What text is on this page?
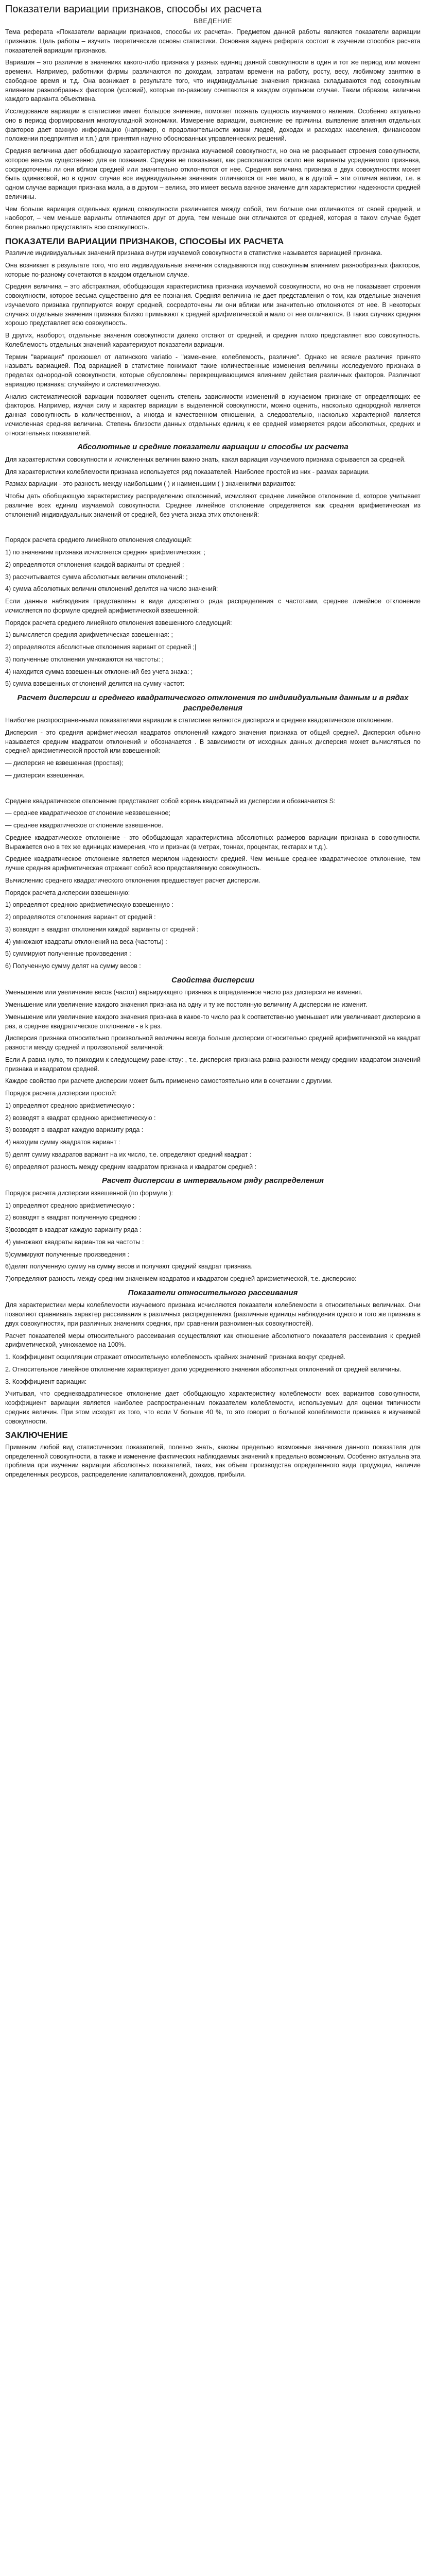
Показатели вариации признаков, способы их расчета
ВВЕДЕНИЕ

Тема реферата «Показатели вариации признаков, способы их расчета». Предметом данной работы являются показатели вариации признаков. Цель работы – изучить теоретические основы статистики. Основная задача реферата состоит в изучении способов расчета показателей вариации признаков.

Вариация – это различие в значениях какого-либо признака у разных единиц данной совокупности в один и тот же период или момент времени. Например, работники фирмы различаются по доходам, затратам времени на работу, росту, весу, любимому занятию в свободное время и т.д. Она возникает в результате того, что индивидуальные значения признака складываются под совокупным влиянием разнообразных факторов (условий), которые по-разному сочетаются в каждом отдельном случае. Таким образом, величина каждого варианта объективна.

Исследование вариации в статистике имеет большое значение, помогает познать сущность изучаемого явления. Особенно актуально оно в период формирования многоукладной экономики. Измерение вариации, выяснение ее причины, выявление влияния отдельных факторов дает важную информацию (например, о продолжительности жизни людей, доходах и расходах населения, финансовом положении предприятия и т.п.) для принятия научно обоснованных управленческих решений.

Средняя величина дает обобщающую характеристику признака изучаемой совокупности, но она не раскрывает строения совокупности, которое весьма существенно для ее познания. Средняя не показывает, как располагаются около нее варианты усредняемого признака, сосредоточены ли они вблизи средней или значительно отклоняются от нее. Средняя величина признака в двух совокупностях может быть одинаковой, но в одном случае все индивидуальные значения отличаются от нее мало, а в другой – эти отличия велики, т.е. в одном случае вариация признака мала, а в другом – велика, это имеет весьма важное значение для характеристики надежности средней величины.

Чем больше вариация отдельных единиц совокупности различается между собой, тем больше они отличаются от своей средней, и наоборот, – чем меньше варианты отличаются друг от друга, тем меньше они отличаются от средней, которая в таком случае будет более реально представлять всю совокупность.

ПОКАЗАТЕЛИ ВАРИАЦИИ ПРИЗНАКОВ, СПОСОБЫ ИХ РАСЧЕТА

Различие индивидуальных значений признака внутри изучаемой совокупности в статистике называется вариацией признака.

Она возникает в результате того, что его индивидуальные значения складываются под совокупным влиянием разнообразных факторов, которые по-разному сочетаются в каждом отдельном случае.

Средняя величина – это абстрактная, обобщающая характеристика признака изучаемой совокупности, но она не показывает строения совокупности, которое весьма существенно для ее познания. Средняя величина не дает представления о том, как отдельные значения изучаемого признака группируются вокруг средней, сосредоточены ли они вблизи или значительно отклоняются от нее. В некоторых случаях отдельные значения признака близко примыкают к средней арифметической и мало от нее отличаются. В таких случаях средняя хорошо представляет всю совокупность.

В других, наоборот, отдельные значения совокупности далеко отстают от средней, и средняя плохо представляет всю совокупность. Колеблемость отдельных значений характеризуют показатели вариации.

Термин "вариация" произошел от латинского variatio - "изменение, колеблемость, различие". Однако не всякие различия принято называть вариацией. Под вариацией в статистике понимают такие количественные изменения величины исследуемого признака в пределах однородной совокупности, которые обусловлены перекрещивающимся влиянием действия различных факторов. Различают вариацию признака: случайную и систематическую.

Анализ систематической вариации позволяет оценить степень зависимости изменений в изучаемом признаке от определяющих ее факторов. Например, изучая силу и характер вариации в выделенной совокупности, можно оценить, насколько однородной является данная совокупность в количественном, а иногда и качественном отношении, а следовательно, насколько характерной является исчисленная средняя величина. Степень близости данных отдельных единиц к ее средней измеряется рядом абсолютных, средних и относительных показателей.

Абсолютные и средние показатели вариации и способы их расчета

Для характеристики совокупности и исчисленных величин важно знать, какая вариация изучаемого признака скрывается за средней.

Для характеристики колеблемости признака используется ряд показателей. Наиболее простой из них - размах вариации.

Размах вариации - это разность между наибольшим ( ) и наименьшим ( ) значениями вариантов:

Чтобы дать обобщающую характеристику распределению отклонений, исчисляют среднее линейное отклонение d, которое учитывает различие всех единиц изучаемой совокупности. Среднее линейное отклонение определяется как средняя арифметическая из отклонений индивидуальных значений от средней, без учета знака этих отклонений:

Порядок расчета среднего линейного отклонения следующий:

1) по значениям признака исчисляется средняя арифметическая: ;

2) определяются отклонения каждой варианты от средней ;

3) рассчитывается сумма абсолютных величин отклонений: ;

4) сумма абсолютных величин отклонений делится на число значений:

Если данные наблюдения представлены в виде дискретного ряда распределения с частотами, среднее линейное отклонение исчисляется по формуле средней арифметической взвешенной:

Порядок расчета среднего линейного отклонения взвешенного следующий:

1) вычисляется средняя арифметическая взвешенная: ;

2) определяются абсолютные отклонения вариант от средней ;|

3) полученные отклонения умножаются на частоты: ;

4) находится сумма взвешенных отклонений без учета знака: ;

5) сумма взвешенных отклонений делится на сумму частот:

Расчет дисперсии и среднего квадратического отклонения по индивидуальным данным и в рядах распределения

Наиболее распространенными показателями вариации в статистике являются дисперсия и среднее квадратическое отклонение.

Дисперсия - это средняя арифметическая квадратов отклонений каждого значения признака от общей средней. Дисперсия обычно называется средним квадратом отклонений и обозначается . В зависимости от исходных данных дисперсия может вычисляться по средней арифметической простой или взвешенной:

— дисперсия не взвешенная (простая);

— дисперсия взвешенная.

Среднее квадратическое отклонение представляет собой корень квадратный из дисперсии и обозначается S:

— среднее квадратическое отклонение невзвешенное;

— среднее квадратическое отклонение взвешенное.

Среднее квадратическое отклонение - это обобщающая характеристика абсолютных размеров вариации признака в совокупности. Выражается оно в тех же единицах измерения, что и признак (в метрах, тоннах, процентах, гектарах и т.д.).

Среднее квадратическое отклонение является мерилом надежности средней. Чем меньше среднее квадратическое отклонение, тем лучше средняя арифметическая отражает собой всю представляемую совокупность.

Вычислению среднего квадратического отклонения предшествует расчет дисперсии.

Порядок расчета дисперсии взвешенную:

1) определяют среднюю арифметическую взвешенную :

2) определяются отклонения вариант от средней :

3) возводят в квадрат отклонения каждой варианты от средней :

4) умножают квадраты отклонений на веса (частоты) :

5) суммируют полученные произведения :

6) Полученную сумму делят на сумму весов :

Свойства дисперсии

Уменьшение или увеличение весов (частот) варьирующего признака в определенное число раз дисперсии не изменит.

Уменьшение или увеличение каждого значения признака на одну и ту же постоянную величину А дисперсии не изменит.

Уменьшение или увеличение каждого значения признака в какое-то число раз k соответственно уменьшает или увеличивает дисперсию в раз, а среднее квадратическое отклонение - в k раз.

Дисперсия признака относительно произвольной величины всегда больше дисперсии относительно средней арифметической на квадрат разности между средней и произвольной величиной:

Если А равна нулю, то приходим к следующему равенству: , т.е. дисперсия признака равна разности между средним квадратом значений признака и квадратом средней.

Каждое свойство при расчете дисперсии может быть применено самостоятельно или в сочетании с другими.

Порядок расчета дисперсии простой:

1) определяют среднюю арифметическую :

2) возводят в квадрат среднюю арифметическую :

3) возводят в квадрат каждую варианту ряда :

4) находим сумму квадратов вариант :

5) делят сумму квадратов вариант на их число, т.е. определяют средний квадрат :

6) определяют разность между средним квадратом признака и квадратом средней :

Расчет дисперсии в интервальном ряду распределения

Порядок расчета дисперсии взвешенной (по формуле ):

1) определяют среднюю арифметическую :

2) возводят в квадрат полученную среднюю :

3)возводят в квадрат каждую варианту ряда :

4) умножают квадраты вариантов на частоты :

5)суммируют полученные произведения :

6)делят полученную сумму на сумму весов и получают средний квадрат признака.

7)определяют разность между средним значением квадратов и квадратом средней арифметической, т.е. дисперсию:

Показатели относительного рассеивания

Для характеристики меры колеблемости изучаемого признака исчисляются показатели колеблемости в относительных величинах. Они позволяют сравнивать характер рассеивания в различных распределениях (различные единицы наблюдения одного и того же признака в двух совокупностях, при различных значениях средних, при сравнении разноименных совокупностей).

Расчет показателей меры относительного рассеивания осуществляют как отношение абсолютного показателя рассеивания к средней арифметической, умножаемое на 100%.

1. Коэффициент осцилляции отражает относительную колеблемость крайних значений признака вокруг средней.

2. Относительное линейное отклонение характеризует долю усредненного значения абсолютных отклонений от средней величины.

3. Коэффициент вариации:

Учитывая, что среднеквадратическое отклонение дает обобщающую характеристику колеблемости всех вариантов совокупности, коэффициент вариации является наиболее распространенным показателем колеблемости, используемым для оценки типичности средних величин. При этом исходят из того, что если V больше 40 %, то это говорит о большой колеблемости признака в изучаемой совокупности.

ЗАКЛЮЧЕНИЕ

Применим любой вид статистических показателей, полезно знать, каковы предельно возможные значения данного показателя для определенной совокупности, а также и изменение фактических наблюдаемых значений к предельно возможным. Особенно актуальна эта проблема при изучении вариации абсолютных показателей, таких, как объем производства определенного вида продукции, наличие определенных ресурсов, распределение капиталовложений, доходов, прибыли.
